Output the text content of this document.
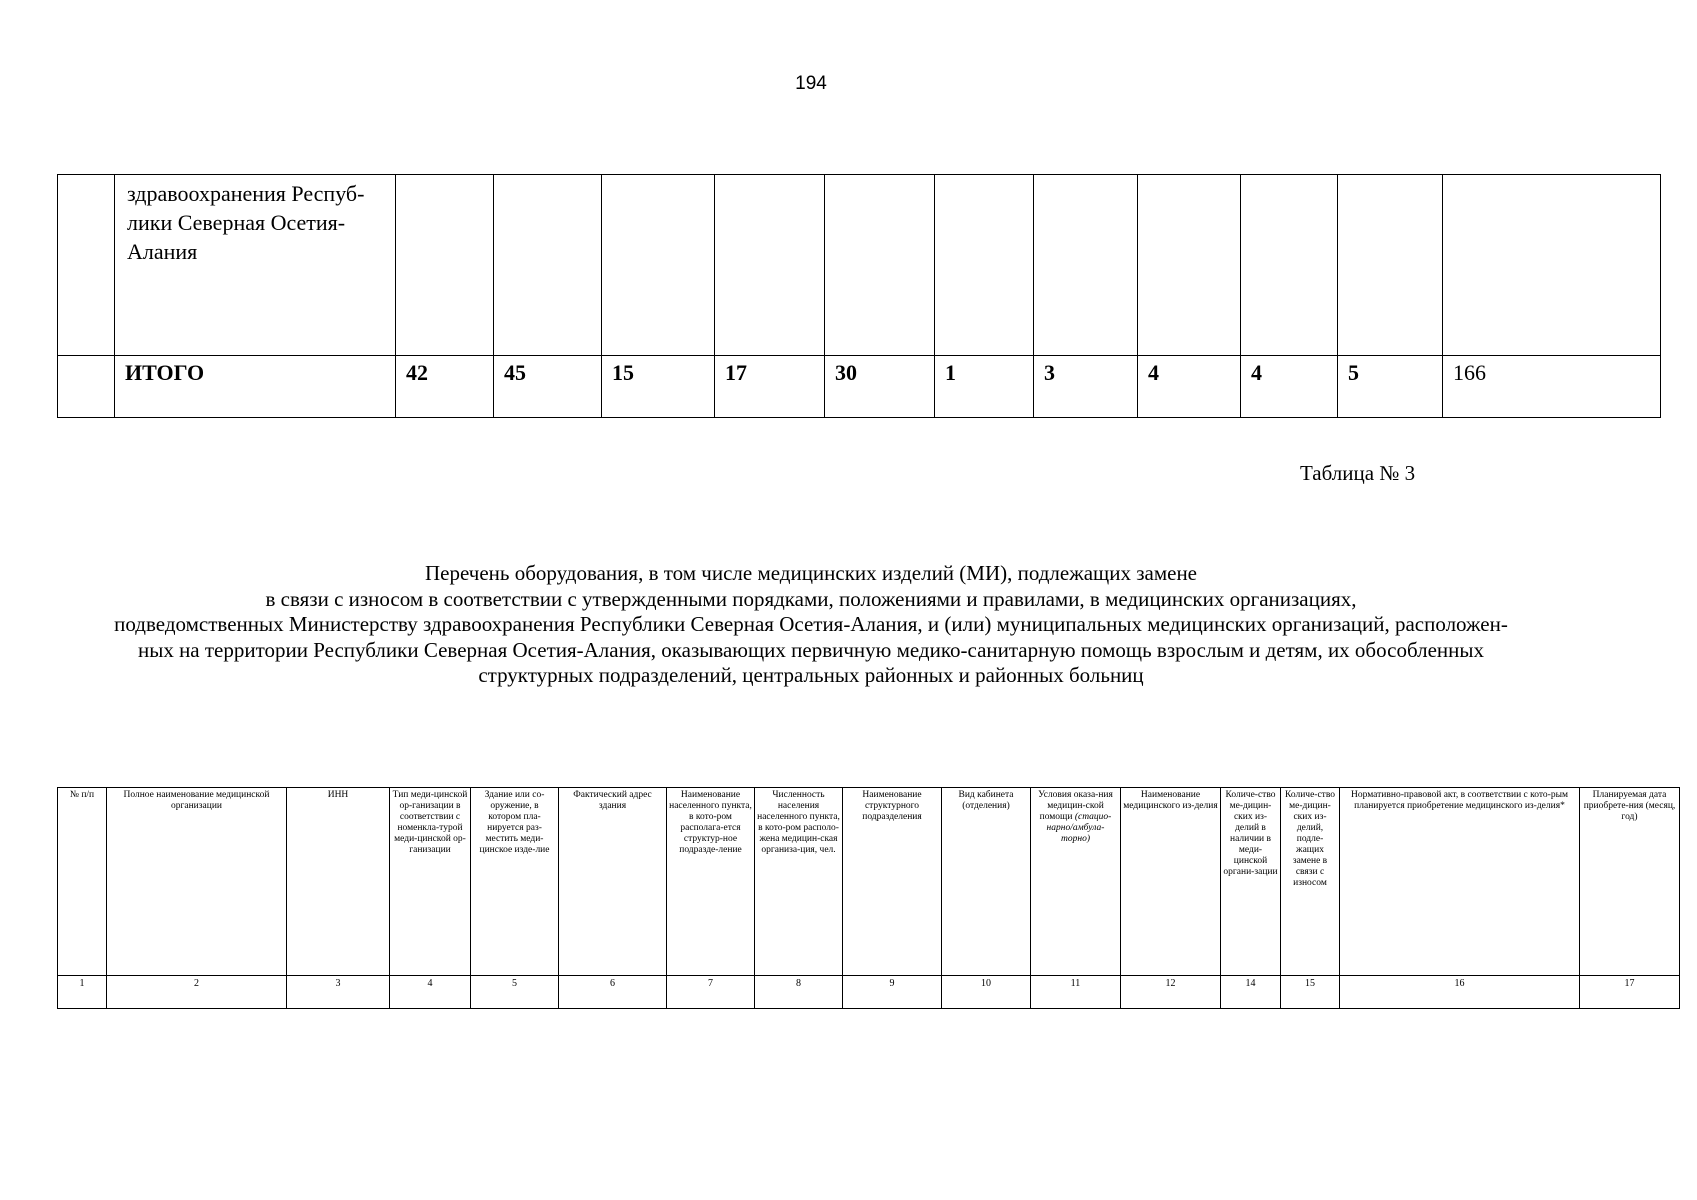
194

	здравоохранения Респуб-
лики Северная Осетия-
Алания											

	ИТОГО	42	45	15	17	30	1	3	4	4	5	166
Таблица № 3
Перечень оборудования, в том числе медицинских изделий (МИ), подлежащих замене
в связи с износом в соответствии с утвержденными порядками, положениями и правилами, в медицинских организациях,
подведомственных Министерству здравоохранения Республики Северная Осетия-Алания, и (или) муниципальных медицинских организаций, расположен-
ных на территории Республики Северная Осетия-Алания, оказывающих первичную медико-санитарную помощь взрослым и детям, их обособленных
структурных подразделений, центральных районных и районных больниц
№ п/п	Полное наименование медицинской организации	ИНН	Тип меди-цинской ор-ганизации в соответствии с номенкла-турой меди-цинской ор-ганизации	Здание или со-оружение, в котором пла-нируется раз-местить меди-цинское изде-лие	Фактический адрес здания	Наименование населенного пункта, в кото-ром располага-ется структур-ное подразде-ление	Численность населения населенного пункта, в кото-ром располо-жена медицин-ская организа-ция, чел.	Наименование структурного подразделения	Вид кабинета (отделения)	Условия оказа-ния медицин-ской помощи (стацио-нарно/амбула-торно)	Наименование медицинского из-делия	Количе-ство ме-дицин-ских из-делий в наличии в меди-цинской органи-зации	Количе-ство ме-дицин-ских из-делий, подле-жащих замене в связи с износом	Нормативно-правовой акт, в соответствии с кото-рым планируется приобретение медицинского из-делия*	Планируемая дата приобрете-ния (месяц, год)
1	2	3	4	5	6	7	8	9	10	11	12	14	15	16	17
